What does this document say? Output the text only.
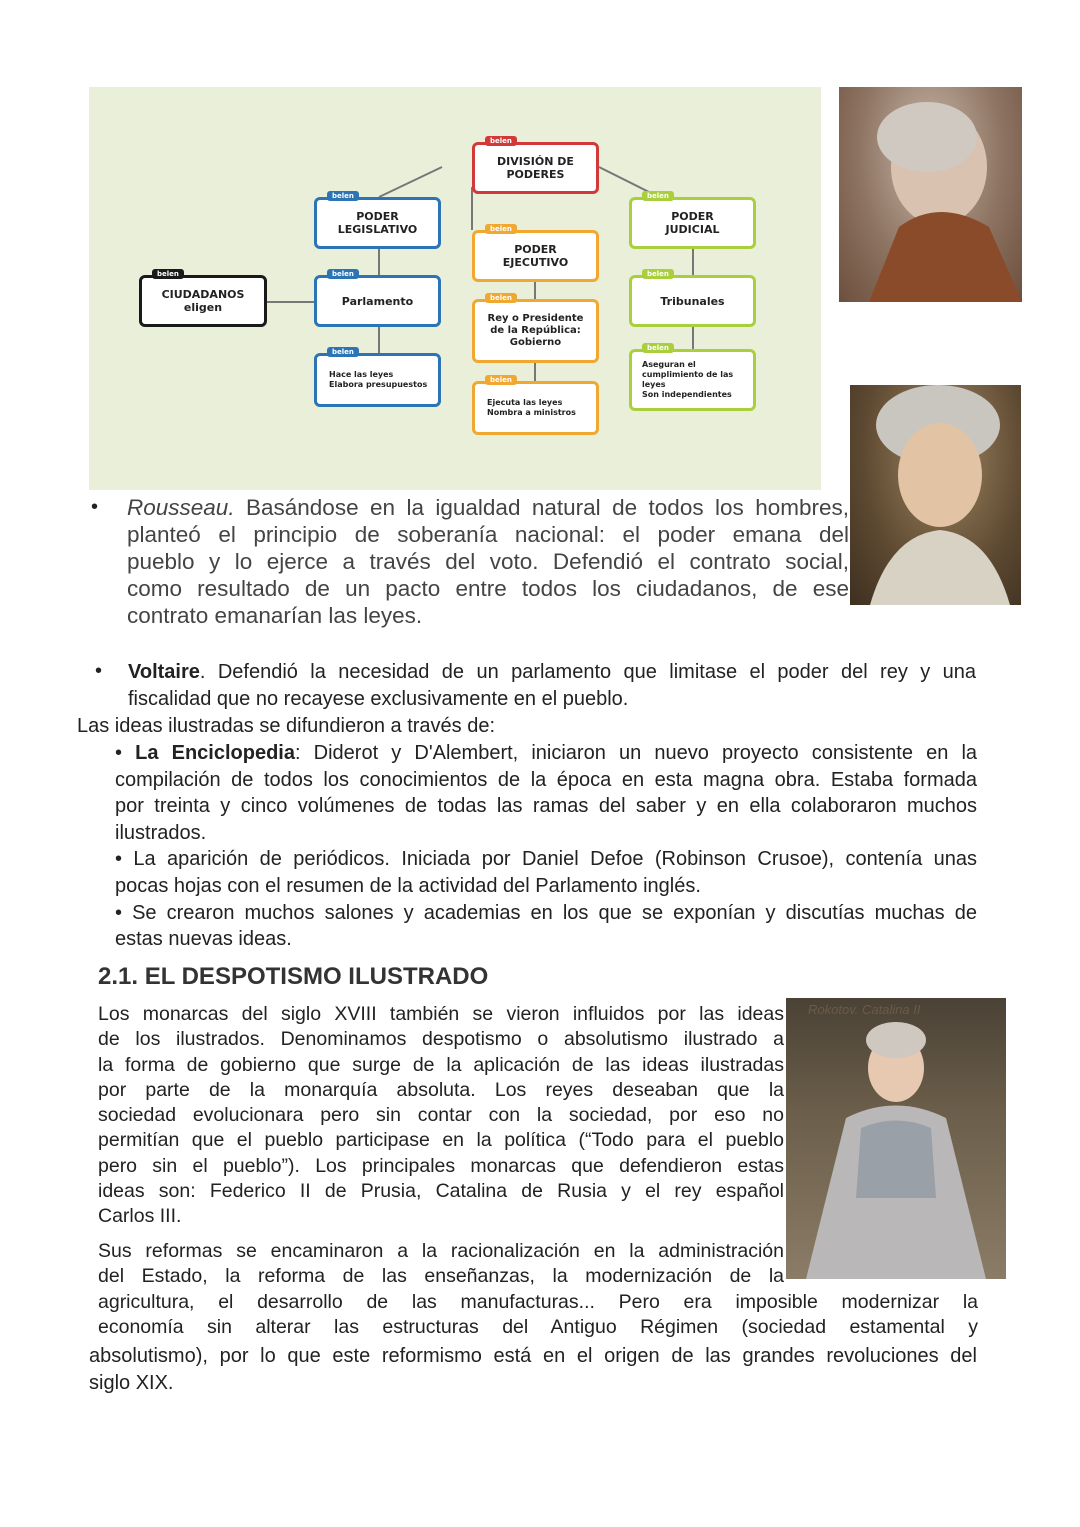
belen
DIVISIÓN DE
PODERES
belen
PODER
LEGISLATIVO	belen
PODER
EJECUTIVO
belen
PODER
JUDICIAL
belen
CIUDADANOS
eligen
belen
Parlamento	belen
Rey o Presidente
de la República:
Gobierno
belen
Tribunales
belen
Hace las leyes
Elabora presupuestos	belen
Ejecuta las leyes
Nombra a ministros
belen
Aseguran el
cumplimiento de las
leyes
Son independientes
Rokotov. Catalina II
• Rousseau. Basándose en la igualdad natural de todos los hombres,

planteó el principio de soberanía nacional: el poder emana del

pueblo y lo ejerce a través del voto. Defendió el contrato social,

como resultado de un pacto entre todos los ciudadanos, de ese

contrato emanarían las leyes.

• Voltaire. Defendió la necesidad de un parlamento que limitase el poder del rey y una

fiscalidad que no recayese exclusivamente en el pueblo.

Las ideas ilustradas se difundieron a través de:

• La Enciclopedia: Diderot y D'Alembert, iniciaron un nuevo proyecto consistente en la

compilación de todos los conocimientos de la época en esta magna obra. Estaba formada

por treinta y cinco volúmenes de todas las ramas del saber y en ella colaboraron muchos

ilustrados.

• La aparición de periódicos. Iniciada por Daniel Defoe (Robinson Crusoe), contenía unas

pocas hojas con el resumen de la actividad del Parlamento inglés.

• Se crearon muchos salones y academias en los que se exponían y discutías muchas de

estas nuevas ideas.

2.1. EL DESPOTISMO ILUSTRADO

Los monarcas del siglo XVIII también se vieron influidos por las ideas

de los ilustrados. Denominamos despotismo o absolutismo ilustrado a

la forma de gobierno que surge de la aplicación de las ideas ilustradas

por parte de la monarquía absoluta. Los reyes deseaban que la

sociedad evolucionara pero sin contar con la sociedad, por eso no

permitían que el pueblo participase en la política (“Todo para el pueblo

pero sin el pueblo”). Los principales monarcas que defendieron estas

ideas son: Federico II de Prusia, Catalina de Rusia y el rey español

Carlos III.

Sus reformas se encaminaron a la racionalización en la administración

del Estado, la reforma de las enseñanzas, la modernización de la

agricultura, el desarrollo de las manufacturas... Pero era imposible modernizar la

economía sin alterar las estructuras del Antiguo Régimen (sociedad estamental y

absolutismo), por lo que este reformismo está en el origen de las grandes revoluciones del

siglo XIX.
